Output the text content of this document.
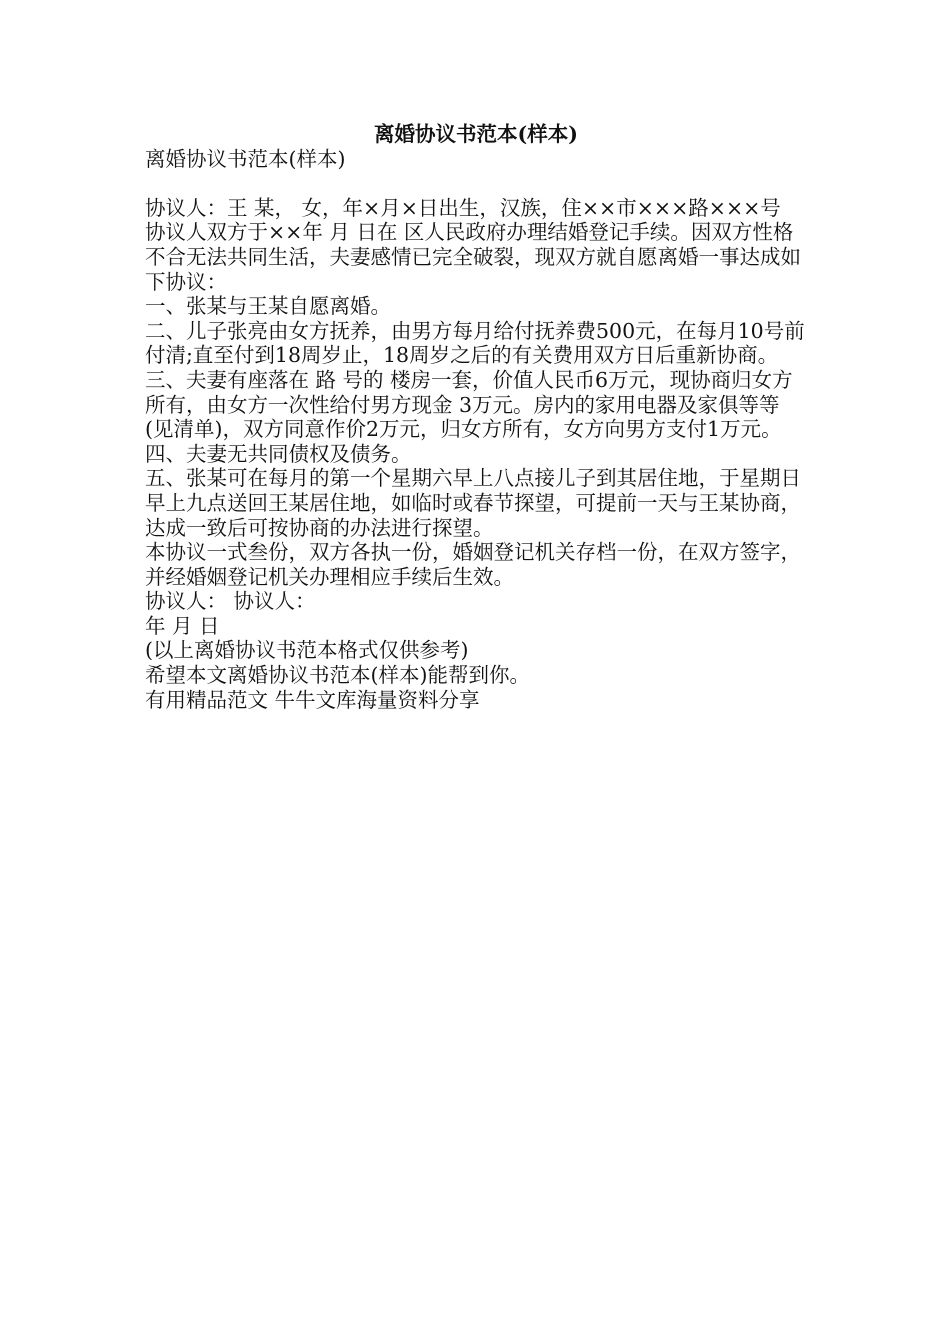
离婚协议书范本(样本)

离婚协议书范本(样本)

协议人：王 某， 女，年×月×日出生，汉族，住××市×××路×××号

协议人双方于××年 月 日在 区人民政府办理结婚登记手续。因双方性格不合无法共同生活，夫妻感情已完全破裂，现双方就自愿离婚一事达成如下协议：

一、张某与王某自愿离婚。

二、儿子张亮由女方抚养，由男方每月给付抚养费500元，在每月10号前付清;直至付到18周岁止，18周岁之后的有关费用双方日后重新协商。

三、夫妻有座落在 路 号的 楼房一套，价值人民币6万元，现协商归女方所有，由女方一次性给付男方现金 3万元。房内的家用电器及家俱等等(见清单)，双方同意作价2万元，归女方所有，女方向男方支付1万元。

四、夫妻无共同债权及债务。

五、张某可在每月的第一个星期六早上八点接儿子到其居住地，于星期日早上九点送回王某居住地，如临时或春节探望，可提前一天与王某协商，达成一致后可按协商的办法进行探望。

本协议一式叁份，双方各执一份，婚姻登记机关存档一份，在双方签字，并经婚姻登记机关办理相应手续后生效。

协议人： 协议人：

年 月 日

(以上离婚协议书范本格式仅供参考)

希望本文离婚协议书范本(样本)能帮到你。

有用精品范文 牛牛文库海量资料分享
